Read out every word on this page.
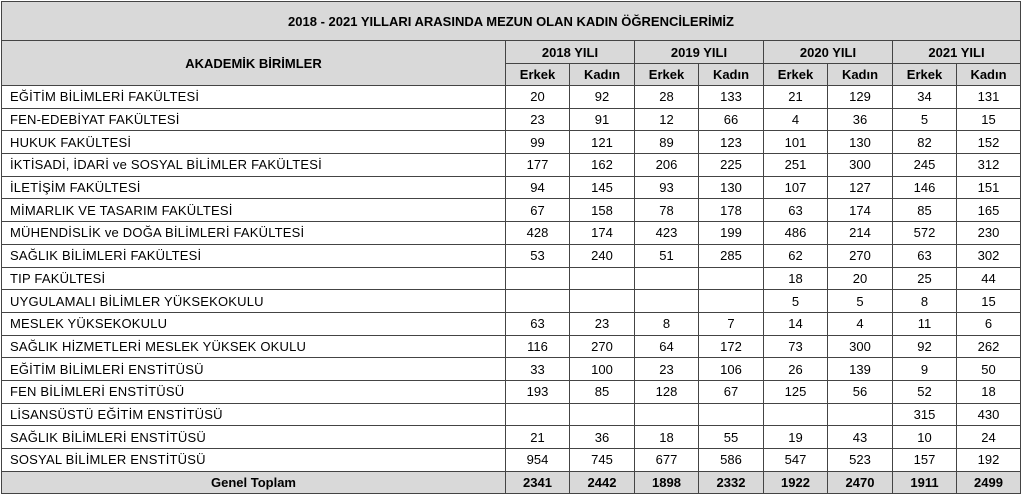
2018 - 2021 YILLARI ARASINDA MEZUN OLAN KADIN ÖĞRENCİLERİMİZ								
AKADEMİK BİRİMLER	2018 YILI		2019 YILI		2020 YILI		2021 YILI	
	Erkek	Kadın	Erkek	Kadın	Erkek	Kadın	Erkek	Kadın
EĞİTİM BİLİMLERİ FAKÜLTESİ	20	92	28	133	21	129	34	131
FEN-EDEBİYAT FAKÜLTESİ	23	91	12	66	4	36	5	15
HUKUK FAKÜLTESİ	99	121	89	123	101	130	82	152
İKTİSADİ, İDARİ ve SOSYAL BİLİMLER FAKÜLTESİ	177	162	206	225	251	300	245	312
İLETİŞİM FAKÜLTESİ	94	145	93	130	107	127	146	151
MİMARLIK VE TASARIM FAKÜLTESİ	67	158	78	178	63	174	85	165
MÜHENDİSLİK ve DOĞA BİLİMLERİ FAKÜLTESİ	428	174	423	199	486	214	572	230
SAĞLIK BİLİMLERİ FAKÜLTESİ	53	240	51	285	62	270	63	302
TIP FAKÜLTESİ					18	20	25	44
UYGULAMALI BİLİMLER YÜKSEKOKULU					5	5	8	15
MESLEK YÜKSEKOKULU	63	23	8	7	14	4	11	6
SAĞLIK HİZMETLERİ MESLEK YÜKSEK OKULU	116	270	64	172	73	300	92	262
EĞİTİM BİLİMLERİ ENSTİTÜSÜ	33	100	23	106	26	139	9	50
FEN BİLİMLERİ ENSTİTÜSÜ	193	85	128	67	125	56	52	18
LİSANSÜSTÜ EĞİTİM ENSTİTÜSÜ							315	430
SAĞLIK BİLİMLERİ ENSTİTÜSÜ	21	36	18	55	19	43	10	24
SOSYAL BİLİMLER ENSTİTÜSÜ	954	745	677	586	547	523	157	192
Genel Toplam	2341	2442	1898	2332	1922	2470	1911	2499
